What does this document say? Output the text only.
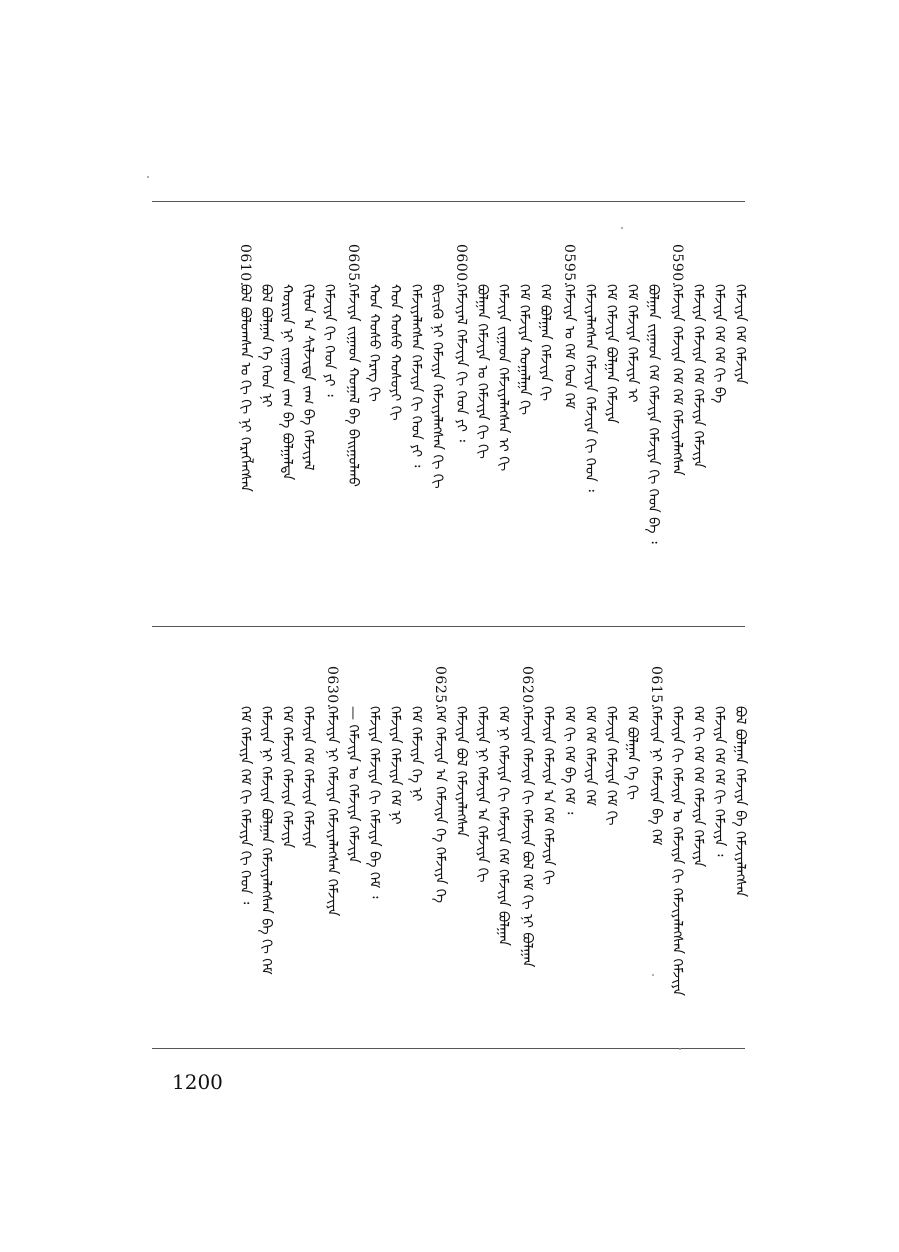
0610.
ᠪᠣᠯ ᠪᠣᠯᠤᠭᠰᠠᠨ ᠤ ᠬᠢ ᠬᠢ ᠨᠢ ᠬᠡᠷᠡᠭᠯᠡᠭᠰᠡᠨ ᠪᠣᠯ ᠪᠣᠯᠭᠠᠨ ᠬᠡ ᠬᠡᠳ ᠨᠢ ᠬᠤᠷᠢᠶᠠ ᠨᠢ ᠵᠢᠭᠠᠳ ᠵᠠᠭ ᠪᠠ ᠪᠣᠯᠭᠠᠯᠲᠠ ᠬᠢᠯᠣᠨ ᠠ ᠰᠢᠯᠵᠢᠳᠡ ᠵᠠᠭ ᠪᠠ ᠬᠡᠮᠵᠢᠶᠡᠯ ᠬᠡᠮᠵᠢᠶᠡ ᠬᠢ ᠬᠡᠳ ᠶᠢ ᠄
0605.
ᠬᠡᠮᠵᠢᠶᠡ ᠵᠢᠭᠠᠳ ᠬᠤᠭᠠᠯ ᠪᠠ ᠪᠠᠢᠭᠤᠯᠬᠤ ᠬᠤᠨ ᠬᠤᠰᠤ ᠬᠡᠷᠡᠭ ᠬᠢ ᠬᠤᠨ ᠬᠤᠰᠤ ᠬᠤᠰᠤᠶᠢ ᠬᠢ ᠬᠡᠮᠵᠢᠶᠡᠯᠡᠭᠰᠡᠨ ᠬᠡᠮᠵᠢᠶᠡ ᠬᠢ ᠬᠡᠳ ᠶᠢ ᠄ ᠪᠢᠴᠢᠬᠦ ᠨᠢ ᠬᠡᠮᠵᠢᠶᠡ ᠬᠡᠮᠵᠢᠶᠡᠯᠡᠭᠰᠡᠨ ᠬᠢ ᠬᠢ
0600.
ᠬᠡᠮᠵᠢᠶᠡᠯ ᠬᠡᠮᠵᠢᠶᠡ ᠬᠢ ᠬᠡᠳ ᠶᠢ ᠄ ᠪᠣᠯᠭᠠᠨ ᠬᠡᠮᠵᠢᠶᠡ ᠣ ᠬᠡᠮᠵᠢᠶᠡ ᠬᠢ ᠬᠢ ᠬᠡᠮᠵᠢᠶᠡ ᠵᠢᠭᠠᠳ ᠬᠡᠮᠵᠢᠶᠡᠯᠡᠭᠰᠡᠨ ᠢ ᠬᠢ ᠬᠡᠮ ᠬᠡᠮᠵᠢᠶᠡ ᠬᠤᠭᠠᠯᠭᠠ ᠬᠢ ᠬᠡᠮ ᠪᠣᠯᠭᠠᠨ ᠬᠡᠮᠵᠢᠶᠡ ᠬᠢ
0595.
ᠬᠡᠮᠵᠢᠶᠡ ᠣ ᠬᠡᠮ ᠬᠡᠳ ᠬᠡᠮ ᠬᠡᠮᠵᠢᠶᠡᠯᠡᠭᠰᠡᠨ ᠬᠡᠮᠵᠢᠶᠡ ᠬᠡᠮᠵᠢᠶᠡ ᠬᠢ ᠬᠡᠳ ᠄ ᠬᠡᠮ ᠬᠡᠮᠵᠢᠶᠡ ᠪᠣᠯᠭᠠᠨ ᠬᠡᠮᠵᠢᠶᠡ ᠬᠡᠮ ᠬᠡᠮᠵᠢᠶᠡ ᠬᠡᠮᠵᠢᠶᠡ ᠢ ᠪᠣᠯᠭᠠᠨ ᠵᠢᠭᠠᠳ ᠬᠡᠮ ᠬᠡᠮᠵᠢᠶᠡ ᠬᠡᠮᠵᠢᠶᠡ ᠬᠢ ᠬᠡᠳ ᠪᠠ ᠄
0590.
ᠬᠡᠮᠵᠢᠶᠡ ᠬᠡᠮᠵᠢᠶᠡ ᠬᠡᠮ ᠬᠡᠮ ᠬᠡᠮᠵᠢᠶᠡᠯᠡᠭᠰᠡᠨ ᠬᠡᠮᠵᠢᠶᠡ ᠬᠡᠮᠵᠢᠶᠡ ᠬᠡᠮ ᠬᠡᠮᠵᠢᠶᠡ ᠬᠡᠮᠵᠢᠶᠡ ᠬᠡᠮᠵᠢᠶᠡ ᠬᠡᠮ ᠬᠡᠮ ᠬᠢ ᠪᠠ ᠬᠡᠮᠵᠢᠶᠡ ᠬᠡᠮ ᠬᠡᠮᠵᠢᠶᠡ
ᠬᠡᠮ ᠬᠡᠮᠵᠢᠶᠡ ᠬᠡᠮ ᠬᠢ ᠬᠡᠮᠵᠢᠶᠡ ᠬᠢ ᠬᠡᠳ ᠄ ᠬᠡᠮᠵᠢᠶᠡ ᠨᠢ ᠬᠡᠮᠵᠢᠶᠡ ᠪᠣᠯᠭᠠᠨ ᠬᠡᠮᠵᠢᠶᠡᠯᠡᠭᠰᠡᠨ ᠪᠠ ᠬᠢ ᠬᠡᠮ ᠬᠡᠮ ᠬᠡᠮᠵᠢᠶᠡ ᠬᠡᠮᠵᠢᠶᠡ ᠬᠡᠮᠵᠢᠶᠡ ᠬᠡᠮᠵᠢᠶᠡ ᠬᠡᠮ ᠬᠡᠮᠵᠢᠶᠡ ᠬᠡᠮᠵᠢᠶᠡ
0630.
ᠬᠡᠮᠵᠢᠶᠡ ᠨᠢ ᠬᠡᠮᠵᠢᠶᠡ ᠬᠡᠮᠵᠢᠶᠡᠯᠡᠭᠰᠡᠨ ᠬᠡᠮᠵᠢᠶᠡ — ᠬᠡᠮᠵᠢᠶᠡ ᠣ ᠬᠡᠮᠵᠢᠶᠡ ᠬᠡᠮᠵᠢᠶᠡ ᠬᠡᠮᠵᠢᠶᠡ ᠬᠡᠮᠵᠢᠶᠡ ᠬᠢ ᠬᠡᠮᠵᠢᠶᠡ ᠪᠠ ᠬᠡᠮ ᠄ ᠬᠡᠮᠵᠢᠶᠡ ᠬᠡᠮᠵᠢᠶᠡ ᠬᠡᠮ ᠨᠢ ᠬᠡᠮ ᠬᠡᠮᠵᠢᠶᠡ ᠬᠡ ᠨᠢ
0625.
ᠬᠡᠮ ᠬᠡᠮᠵᠢᠶᠡ ᠠ ᠬᠡᠮᠵᠢᠶᠡ ᠬᠡ ᠬᠡᠮᠵᠢᠶᠡ ᠬᠡ ᠬᠡᠮᠵᠢᠶᠡ ᠪᠣᠯ ᠬᠡᠮᠵᠢᠶᠡᠯᠡᠭᠰᠡᠨ ᠬᠡᠮᠵᠢᠶᠡ ᠨᠢ ᠬᠡᠮᠵᠢᠶᠡ ᠠ ᠬᠡᠮᠵᠢᠶᠡ ᠬᠢ ᠬᠡᠮ ᠨᠢ ᠬᠡᠮᠵᠢᠶᠡ ᠬᠢ ᠬᠡᠮᠵᠢᠶᠡ ᠬᠡᠮ ᠬᠡᠮᠵᠢᠶᠡ ᠪᠣᠯᠭᠠᠨ
0620.
ᠬᠡᠮᠵᠢᠶᠡ ᠬᠡᠮᠵᠢᠶᠡ ᠬᠢ ᠬᠡᠮᠵᠢᠶᠡ ᠪᠣᠯ ᠬᠡᠮ ᠬᠢ ᠨᠢ ᠪᠣᠯᠭᠠᠨ ᠬᠡᠮᠵᠢᠶᠡ ᠬᠡᠮᠵᠢᠶᠡ ᠠ ᠬᠡᠮ ᠬᠡᠮᠵᠢᠶᠡ ᠬᠢ ᠬᠡᠮ ᠬᠢ ᠬᠡᠮ ᠪᠠ ᠬᠡᠮ ᠄ ᠬᠡᠮ ᠬᠡᠮ ᠬᠡᠮᠵᠢᠶᠡ ᠬᠡᠮ ᠬᠡᠮᠵᠢᠶᠡ ᠬᠡᠮᠵᠢᠶᠡ ᠬᠡᠮ ᠬᠢ ᠬᠡᠮ ᠪᠣᠯᠭᠠᠨ ᠬᠡ ᠬᠢ
0615.
ᠬᠡᠮᠵᠢᠶᠡ ᠨᠢ ᠬᠡᠮᠵᠢᠶᠡ ᠪᠠ ᠬᠡᠮ ᠬᠡᠮᠵᠢᠶᠡ ᠬᠢ ᠬᠡᠮᠵᠢᠶᠡ ᠣ ᠬᠡᠮᠵᠢᠶᠡ ᠬᠢ ᠬᠡᠮᠵᠢᠶᠡᠯᠡᠭᠰᠡᠨ ᠬᠡᠮᠵᠢᠶᠡ ᠬᠡᠮ ᠬᠢ ᠬᠡᠮ ᠬᠡᠮ ᠬᠡᠮᠵᠢᠶᠡ ᠬᠡᠮᠵᠢᠶᠡ ᠬᠡᠮᠵᠢᠶᠡ ᠬᠡᠮ ᠬᠡᠮ ᠬᠢ ᠬᠡᠮᠵᠢᠶᠡ ᠄ ᠪᠣᠯ ᠪᠣᠯᠭᠠᠨ ᠬᠡᠮᠵᠢᠶᠡ ᠪᠠ ᠬᠡᠮᠵᠢᠶᠡᠯᠡᠭᠰᠡᠨ
1200
